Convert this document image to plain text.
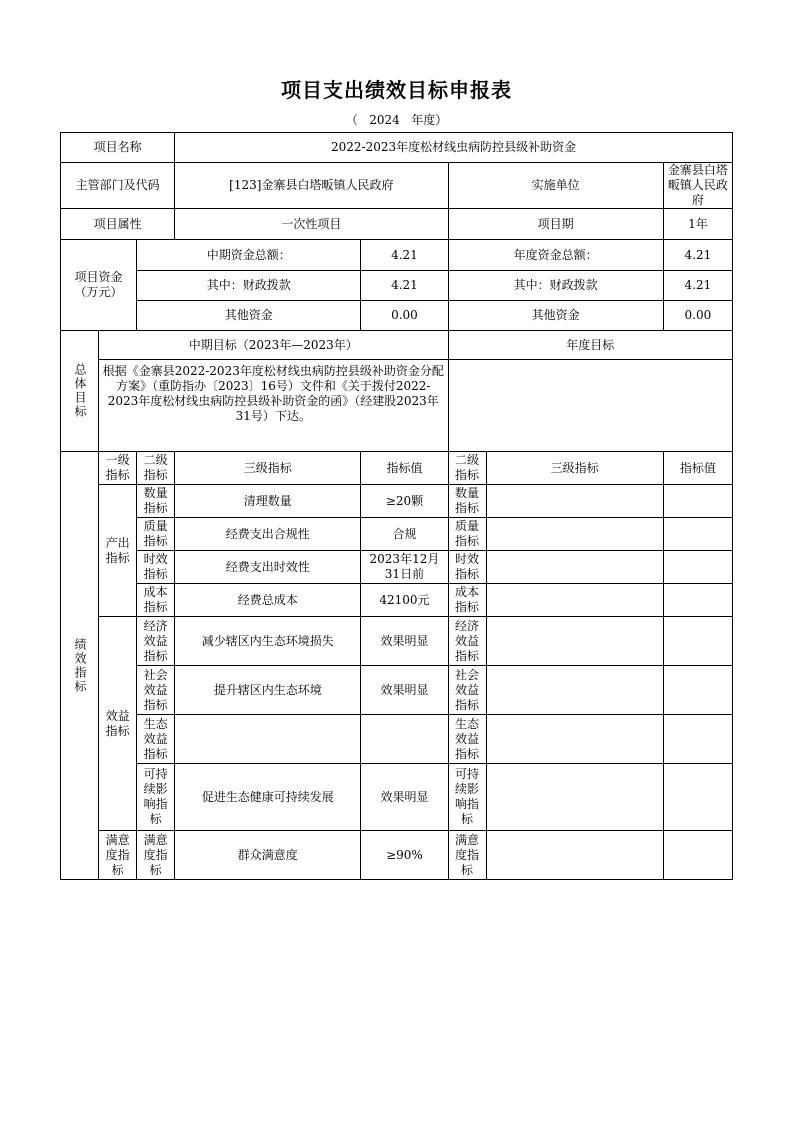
项目支出绩效目标申报表
（ 2024 年度）
项目名称			2022-2023年度松材线虫病防控县级补助资金				
主管部门及代码			[123]金寨县白塔畈镇人民政府		实施单位		金寨县白塔畈镇人民政府
项目属性			一次性项目		项目期		1年

项目资金
（万元）		中期资金总额：		4.21	年度资金总额：		4.21
		其中：财政拨款		4.21	其中：财政拨款		4.21
		其他资金		0.00	其他资金		0.00
总体目标	中期目标（2023年—2023年）				年度目标		
	根据《金寨县2022-2023年度松材线虫病防控县级补助资金分配方案》（重防指办〔2023〕16号）文件和《关于拨付2022-2023年度松材线虫病防控县级补助资金的函》（经建股2023年31号）下达。						
绩效指标	一级指标	二级指标	三级指标	指标值	二级指标	三级指标	指标值
	产出指标	数量指标	清理数量	≥20颗	数量指标		
		质量指标	经费支出合规性	合规	质量指标		
		时效指标	经费支出时效性	2023年12月31日前	时效指标		
		成本指标	经费总成本	42100元	成本指标		
	效益指标	经济效益指标	减少辖区内生态环境损失	效果明显	经济效益指标		
		社会效益指标	提升辖区内生态环境	效果明显	社会效益指标		
		生态效益指标			生态效益指标		
		可持续影响指标	促进生态健康可持续发展	效果明显	可持续影响指标		
	满意度指标	满意度指标	群众满意度	≥90%	满意度指标		
